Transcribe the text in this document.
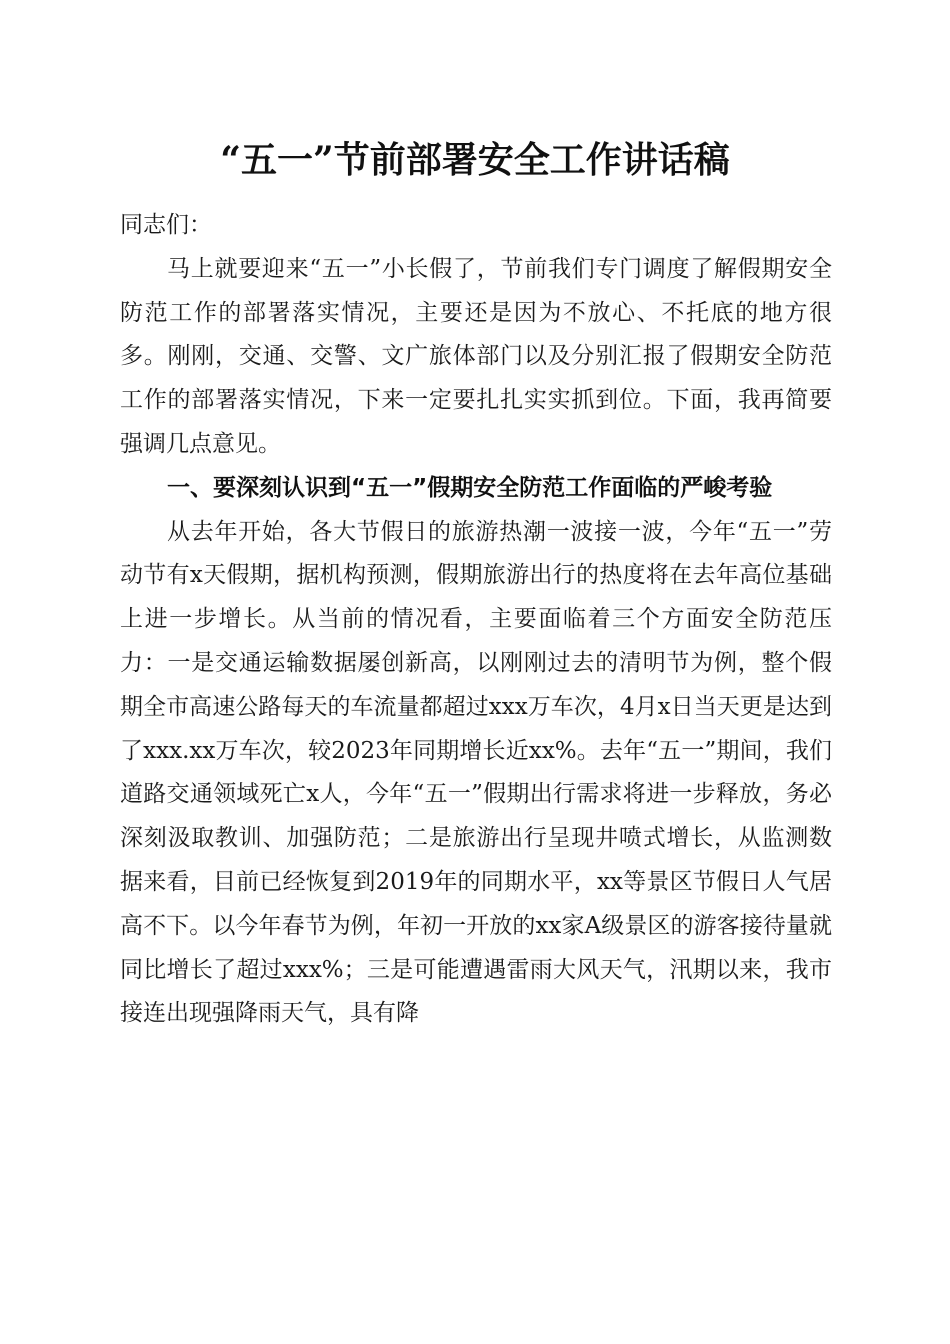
“五一”节前部署安全工作讲话稿

同志们：

马上就要迎来“五一”小长假了，节前我们专门调度了解假期安全防范工作的部署落实情况，主要还是因为不放心、不托底的地方很多。刚刚，交通、交警、文广旅体部门以及分别汇报了假期安全防范工作的部署落实情况，下来一定要扎扎实实抓到位。下面，我再简要强调几点意见。

一、要深刻认识到“五一”假期安全防范工作面临的严峻考验

从去年开始，各大节假日的旅游热潮一波接一波，今年“五一”劳动节有x天假期，据机构预测，假期旅游出行的热度将在去年高位基础上进一步增长。从当前的情况看，主要面临着三个方面安全防范压力：一是交通运输数据屡创新高，以刚刚过去的清明节为例，整个假期全市高速公路每天的车流量都超过xxx万车次，4月x日当天更是达到了xxx.xx万车次，较2023年同期增长近xx%。去年“五一”期间，我们道路交通领域死亡x人，今年“五一”假期出行需求将进一步释放，务必深刻汲取教训、加强防范；二是旅游出行呈现井喷式增长，从监测数据来看，目前已经恢复到2019年的同期水平，xx等景区节假日人气居高不下。以今年春节为例，年初一开放的xx家A级景区的游客接待量就同比增长了超过xxx%；三是可能遭遇雷雨大风天气，汛期以来，我市接连出现强降雨天气，具有降
